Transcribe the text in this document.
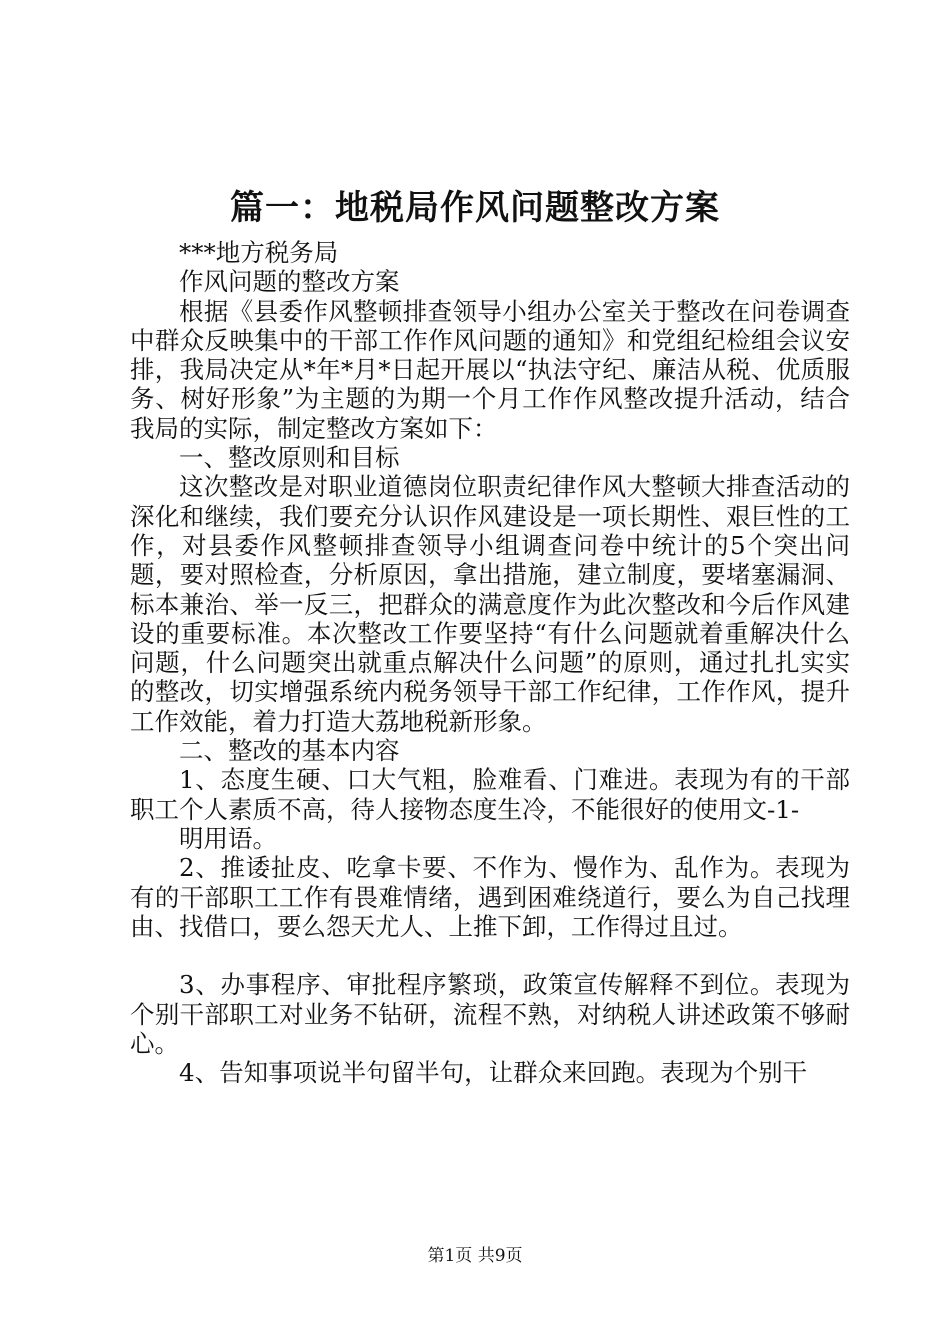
篇一：地税局作风问题整改方案

***地方税务局

作风问题的整改方案

根据《县委作风整顿排查领导小组办公室关于整改在问卷调查中群众反映集中的干部工作作风问题的通知》和党组纪检组会议安排，我局决定从*年*月*日起开展以“执法守纪、廉洁从税、优质服务、树好形象”为主题的为期一个月工作作风整改提升活动，结合我局的实际，制定整改方案如下：

一、整改原则和目标

这次整改是对职业道德岗位职责纪律作风大整顿大排查活动的深化和继续，我们要充分认识作风建设是一项长期性、艰巨性的工作，对县委作风整顿排查领导小组调查问卷中统计的5个突出问题，要对照检查，分析原因，拿出措施，建立制度，要堵塞漏洞、标本兼治、举一反三，把群众的满意度作为此次整改和今后作风建设的重要标准。本次整改工作要坚持“有什么问题就着重解决什么问题，什么问题突出就重点解决什么问题”的原则，通过扎扎实实的整改，切实增强系统内税务领导干部工作纪律，工作作风，提升工作效能，着力打造大荔地税新形象。

二、整改的基本内容

1、态度生硬、口大气粗，脸难看、门难进。表现为有的干部职工个人素质不高，待人接物态度生冷，不能很好的使用文-1-

明用语。

2、推诿扯皮、吃拿卡要、不作为、慢作为、乱作为。表现为有的干部职工工作有畏难情绪，遇到困难绕道行，要么为自己找理由、找借口，要么怨天尤人、上推下卸，工作得过且过。

3、办事程序、审批程序繁琐，政策宣传解释不到位。表现为个别干部职工对业务不钻研，流程不熟，对纳税人讲述政策不够耐心。

4、告知事项说半句留半句，让群众来回跑。表现为个别干

第1页 共9页
